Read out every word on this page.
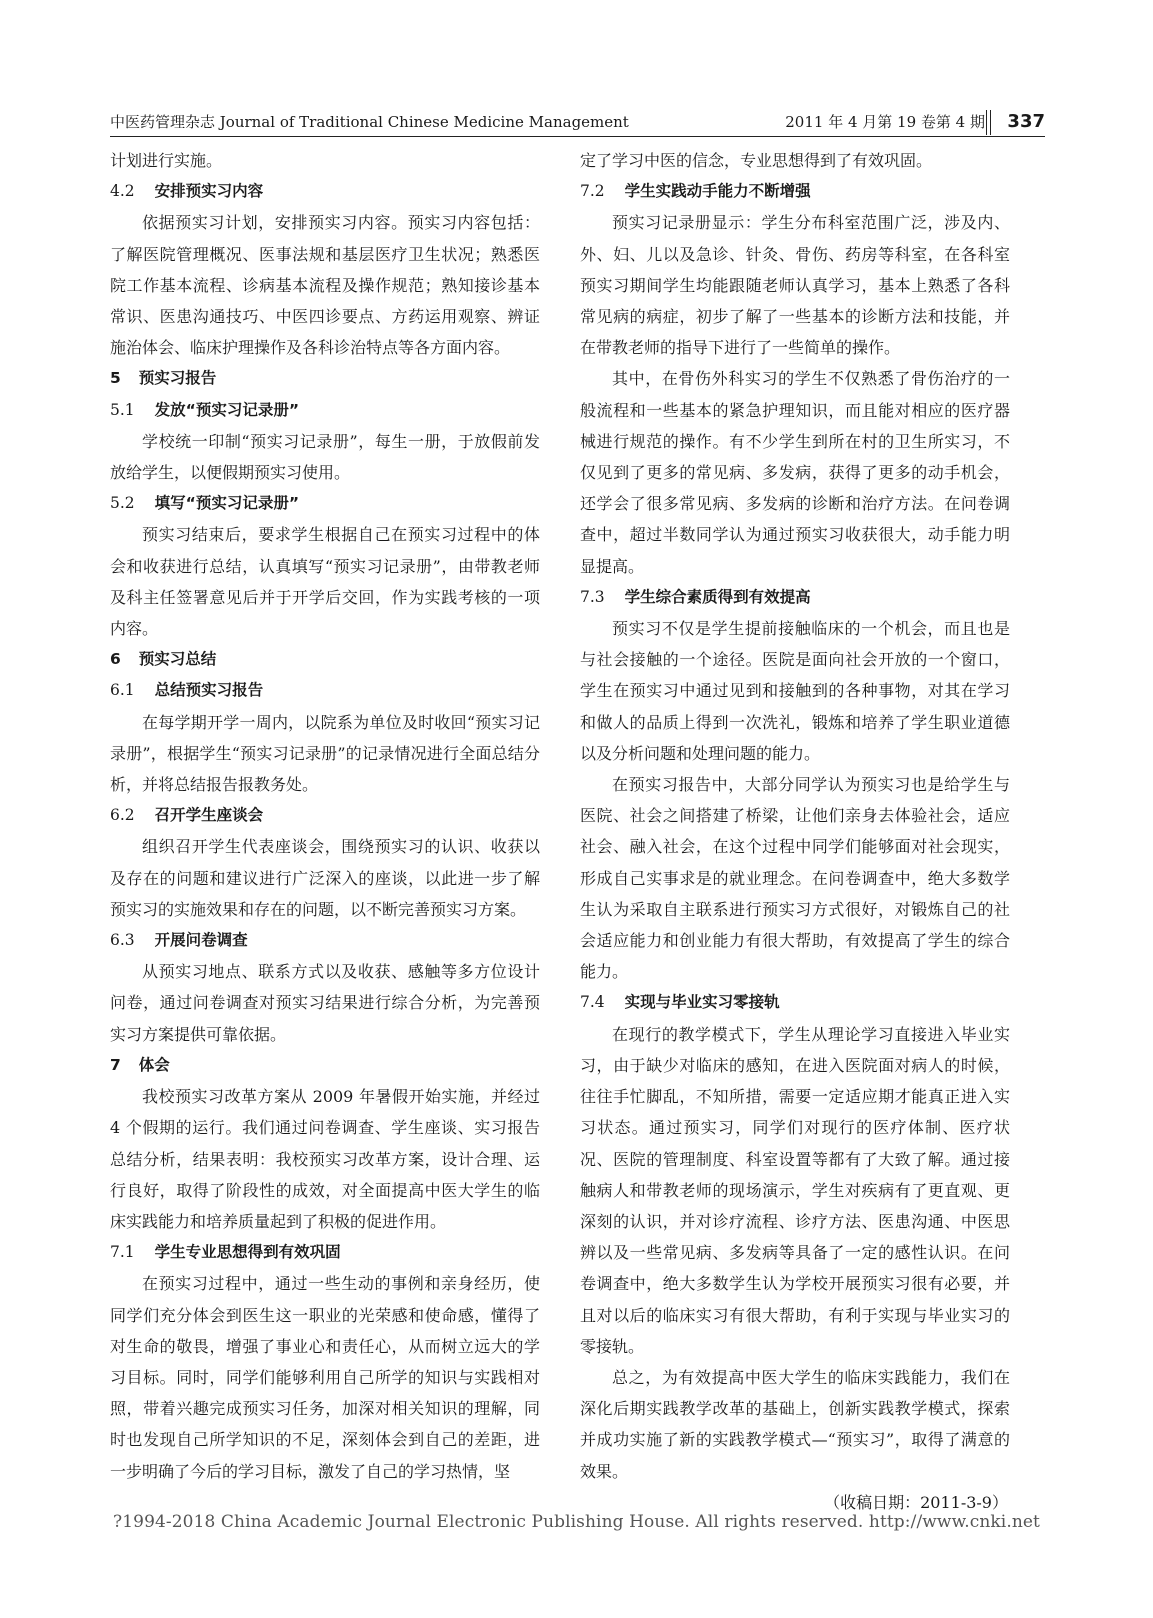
中医药管理杂志 Journal of Traditional Chinese Medicine Management	2011 年 4 月第 19 卷第 4 期	337

计划进行实施。

4.2 安排预实习内容

依据预实习计划，安排预实习内容。预实习内容包括：了解医院管理概况、医事法规和基层医疗卫生状况；熟悉医院工作基本流程、诊病基本流程及操作规范；熟知接诊基本常识、医患沟通技巧、中医四诊要点、方药运用观察、辨证施治体会、临床护理操作及各科诊治特点等各方面内容。

5 预实习报告

5.1 发放“预实习记录册”

学校统一印制“预实习记录册”，每生一册，于放假前发放给学生，以便假期预实习使用。

5.2 填写“预实习记录册”

预实习结束后，要求学生根据自己在预实习过程中的体会和收获进行总结，认真填写“预实习记录册”，由带教老师及科主任签署意见后并于开学后交回，作为实践考核的一项内容。

6 预实习总结

6.1 总结预实习报告

在每学期开学一周内，以院系为单位及时收回“预实习记录册”，根据学生“预实习记录册”的记录情况进行全面总结分析，并将总结报告报教务处。

6.2 召开学生座谈会

组织召开学生代表座谈会，围绕预实习的认识、收获以及存在的问题和建议进行广泛深入的座谈，以此进一步了解预实习的实施效果和存在的问题，以不断完善预实习方案。

6.3 开展问卷调查

从预实习地点、联系方式以及收获、感触等多方位设计问卷，通过问卷调查对预实习结果进行综合分析，为完善预实习方案提供可靠依据。

7 体会

我校预实习改革方案从 2009 年暑假开始实施，并经过 4 个假期的运行。我们通过问卷调查、学生座谈、实习报告总结分析，结果表明：我校预实习改革方案，设计合理、运行良好，取得了阶段性的成效，对全面提高中医大学生的临床实践能力和培养质量起到了积极的促进作用。

7.1 学生专业思想得到有效巩固

在预实习过程中，通过一些生动的事例和亲身经历，使同学们充分体会到医生这一职业的光荣感和使命感，懂得了对生命的敬畏，增强了事业心和责任心，从而树立远大的学习目标。同时，同学们能够利用自己所学的知识与实践相对照，带着兴趣完成预实习任务，加深对相关知识的理解，同时也发现自己所学知识的不足，深刻体会到自己的差距，进一步明确了今后的学习目标，激发了自己的学习热情，坚

定了学习中医的信念，专业思想得到了有效巩固。

7.2 学生实践动手能力不断增强

预实习记录册显示：学生分布科室范围广泛，涉及内、外、妇、儿以及急诊、针灸、骨伤、药房等科室，在各科室预实习期间学生均能跟随老师认真学习，基本上熟悉了各科常见病的病症，初步了解了一些基本的诊断方法和技能，并在带教老师的指导下进行了一些简单的操作。

其中，在骨伤外科实习的学生不仅熟悉了骨伤治疗的一般流程和一些基本的紧急护理知识，而且能对相应的医疗器械进行规范的操作。有不少学生到所在村的卫生所实习，不仅见到了更多的常见病、多发病，获得了更多的动手机会，还学会了很多常见病、多发病的诊断和治疗方法。在问卷调查中，超过半数同学认为通过预实习收获很大，动手能力明显提高。

7.3 学生综合素质得到有效提高

预实习不仅是学生提前接触临床的一个机会，而且也是与社会接触的一个途径。医院是面向社会开放的一个窗口，学生在预实习中通过见到和接触到的各种事物，对其在学习和做人的品质上得到一次洗礼，锻炼和培养了学生职业道德以及分析问题和处理问题的能力。

在预实习报告中，大部分同学认为预实习也是给学生与医院、社会之间搭建了桥梁，让他们亲身去体验社会，适应社会、融入社会，在这个过程中同学们能够面对社会现实，形成自己实事求是的就业理念。在问卷调查中，绝大多数学生认为采取自主联系进行预实习方式很好，对锻炼自己的社会适应能力和创业能力有很大帮助，有效提高了学生的综合能力。

7.4 实现与毕业实习零接轨

在现行的教学模式下，学生从理论学习直接进入毕业实习，由于缺少对临床的感知，在进入医院面对病人的时候，往往手忙脚乱，不知所措，需要一定适应期才能真正进入实习状态。通过预实习，同学们对现行的医疗体制、医疗状况、医院的管理制度、科室设置等都有了大致了解。通过接触病人和带教老师的现场演示，学生对疾病有了更直观、更深刻的认识，并对诊疗流程、诊疗方法、医患沟通、中医思辨以及一些常见病、多发病等具备了一定的感性认识。在问卷调查中，绝大多数学生认为学校开展预实习很有必要，并且对以后的临床实习有很大帮助，有利于实现与毕业实习的零接轨。

总之，为有效提高中医大学生的临床实践能力，我们在深化后期实践教学改革的基础上，创新实践教学模式，探索并成功实施了新的实践教学模式—“预实习”，取得了满意的效果。

（收稿日期：2011-3-9）

?1994-2018 China Academic Journal Electronic Publishing House. All rights reserved. http://www.cnki.net
